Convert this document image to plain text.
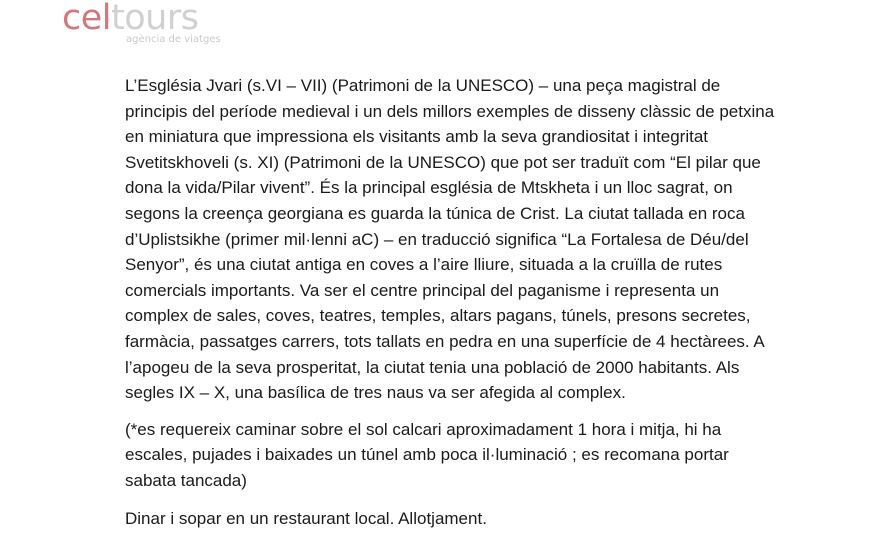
celtours
agència de viatges

L’Església Jvari (s.VI – VII) (Patrimoni de la UNESCO) – una peça magistral de principis del període medieval i un dels millors exemples de disseny clàssic de petxina en miniatura que impressiona els visitants amb la seva grandiositat i integritat Svetitskhoveli (s. XI) (Patrimoni de la UNESCO) que pot ser traduït com “El pilar que dona la vida/Pilar vivent”. És la principal església de Mtskheta i un lloc sagrat, on segons la creença georgiana es guarda la túnica de Crist. La ciutat tallada en roca d’Uplistsikhe (primer mil·lenni aC) – en traducció significa “La Fortalesa de Déu/del Senyor”, és una ciutat antiga en coves a l’aire lliure, situada a la cruïlla de rutes comercials importants. Va ser el centre principal del paganisme i representa un complex de sales, coves, teatres, temples, altars pagans, túnels, presons secretes, farmàcia, passatges carrers, tots tallats en pedra en una superfície de 4 hectàrees. A l’apogeu de la seva prosperitat, la ciutat tenia una població de 2000 habitants. Als segles IX – X, una basílica de tres naus va ser afegida al complex.

(*es requereix caminar sobre el sol calcari aproximadament 1 hora i mitja, hi ha escales, pujades i baixades un túnel amb poca il·luminació ; es recomana portar sabata tancada)

Dinar i sopar en un restaurant local. Allotjament.
